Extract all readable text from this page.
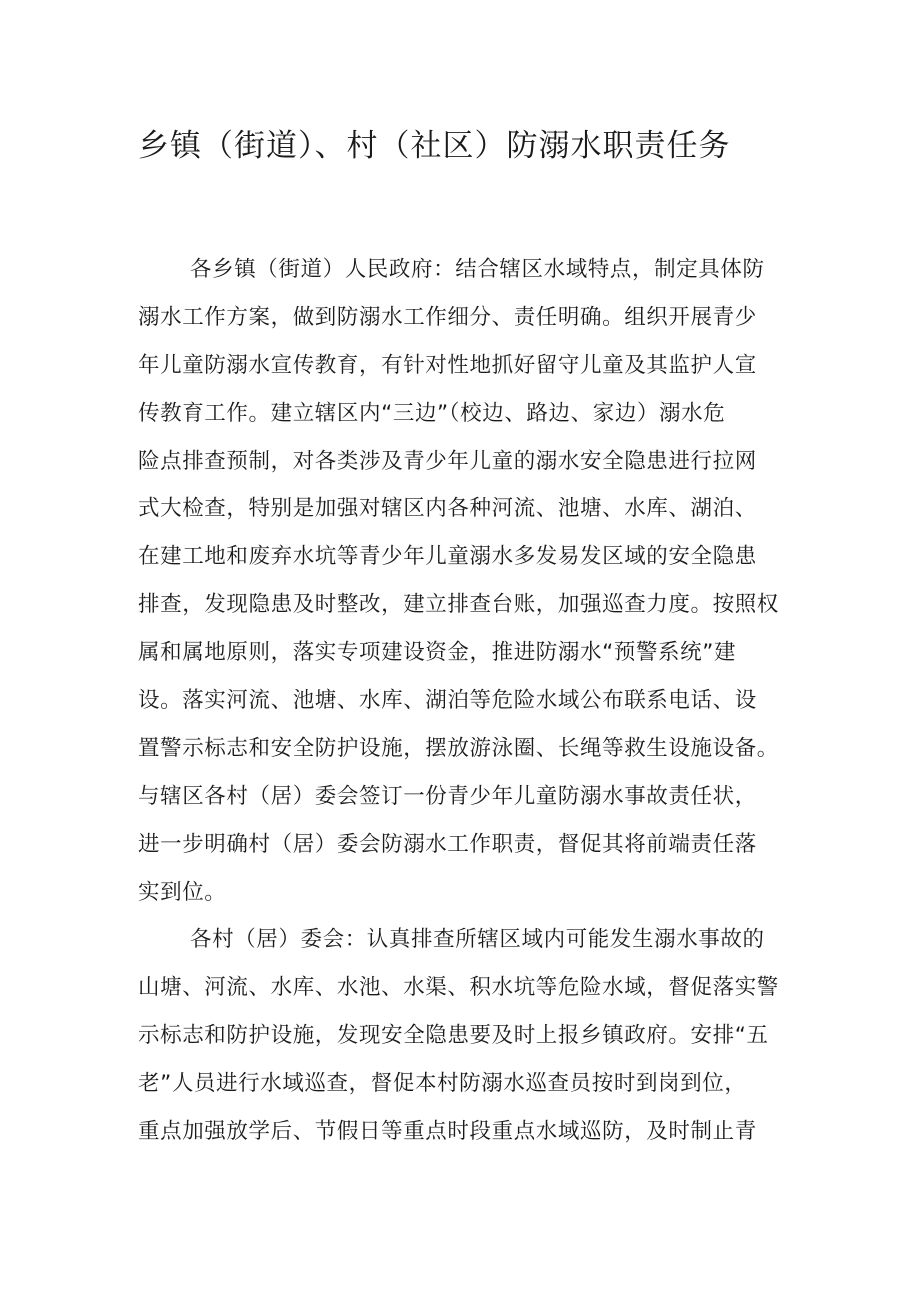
乡镇（街道）、村（社区）防溺水职责任务
各乡镇（街道）人民政府：结合辖区水域特点，制定具体防
溺水工作方案，做到防溺水工作细分、责任明确。组织开展青少
年儿童防溺水宣传教育，有针对性地抓好留守儿童及其监护人宣
传教育工作。建立辖区内“三边”（校边、路边、家边）溺水危
险点排查预制，对各类涉及青少年儿童的溺水安全隐患进行拉网
式大检查，特别是加强对辖区内各种河流、池塘、水库、湖泊、
在建工地和废弃水坑等青少年儿童溺水多发易发区域的安全隐患
排查，发现隐患及时整改，建立排查台账，加强巡查力度。按照权
属和属地原则，落实专项建设资金，推进防溺水“预警系统”建
设。落实河流、池塘、水库、湖泊等危险水域公布联系电话、设
置警示标志和安全防护设施，摆放游泳圈、长绳等救生设施设备。
与辖区各村（居）委会签订一份青少年儿童防溺水事故责任状，
进一步明确村（居）委会防溺水工作职责，督促其将前端责任落
实到位。
各村（居）委会：认真排查所辖区域内可能发生溺水事故的
山塘、河流、水库、水池、水渠、积水坑等危险水域，督促落实警
示标志和防护设施，发现安全隐患要及时上报乡镇政府。安排“五
老”人员进行水域巡查，督促本村防溺水巡查员按时到岗到位，
重点加强放学后、节假日等重点时段重点水域巡防，及时制止青
